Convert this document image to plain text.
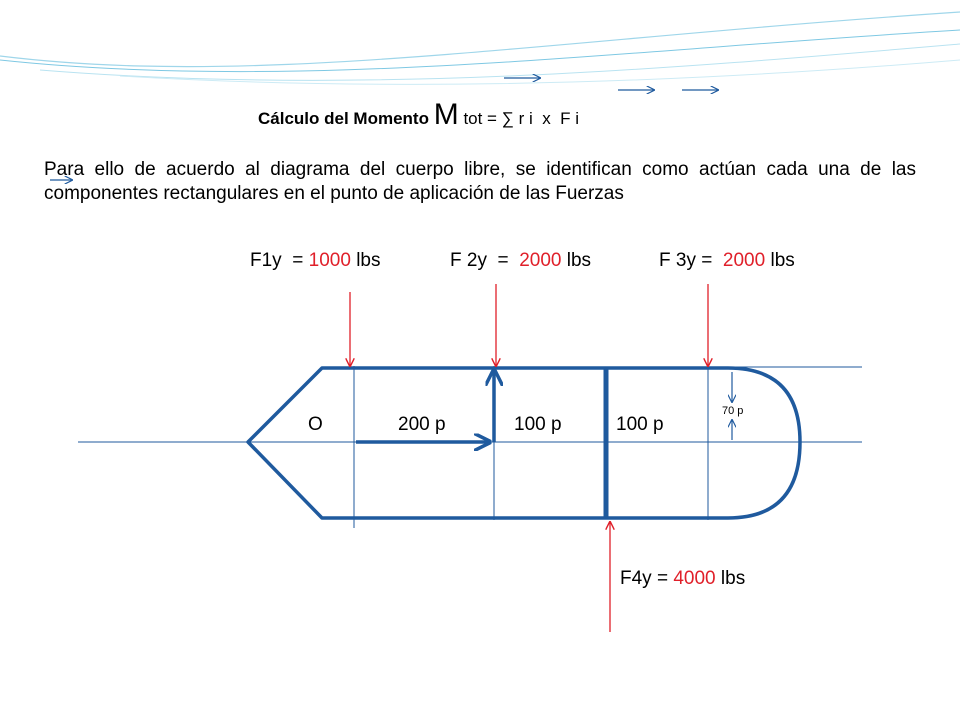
Cálculo del Momento M tot = ∑ r i x F i
Para ello de acuerdo al diagrama del cuerpo libre, se identifican como actúan cada una de las componentes rectangulares en el punto de aplicación de las Fuerzas
F1y = 1000 lbs	F 2y = 2000 lbs	F 3y = 2000 lbs
F4y = 4000 lbs
O	200 p	100 p	100 p
70 p
